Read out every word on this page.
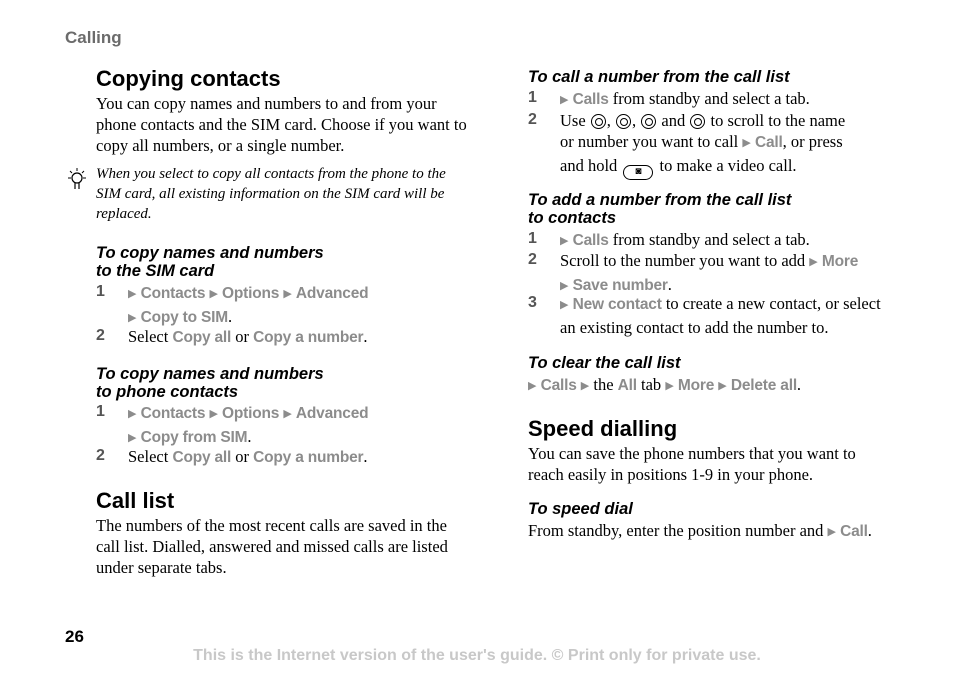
Calling
Copying contacts
You can copy names and numbers to and from your phone contacts and the SIM card. Choose if you want to copy all numbers, or a single number.
When you select to copy all contacts from the phone to the SIM card, all existing information on the SIM card will be replaced.
To copy names and numbers
to the SIM card
1	▶ Contacts ▶ Options ▶ Advanced
▶ Copy to SIM.
2	Select Copy all or Copy a number.
To copy names and numbers
to phone contacts
1	▶ Contacts ▶ Options ▶ Advanced
▶ Copy from SIM.
2	Select Copy all or Copy a number.
Call list
The numbers of the most recent calls are saved in the call list. Dialled, answered and missed calls are listed under separate tabs.
To call a number from the call list
1	▶ Calls from standby and select a tab.
2	Use , ,  and to scroll to the name
or number you want to call ▶ Call, or press
and hold ◙ to make a video call.
To add a number from the call list
to contacts
1	▶ Calls from standby and select a tab.
2	Scroll to the number you want to add ▶ More
▶ Save number.
3	▶ New contact to create a new contact, or select
an existing contact to add the number to.
To clear the call list
▶ Calls ▶ the All tab ▶ More ▶ Delete all.
Speed dialling
You can save the phone numbers that you want to reach easily in positions 1-9 in your phone.
To speed dial
From standby, enter the position number and ▶ Call.
26
This is the Internet version of the user's guide. © Print only for private use.
